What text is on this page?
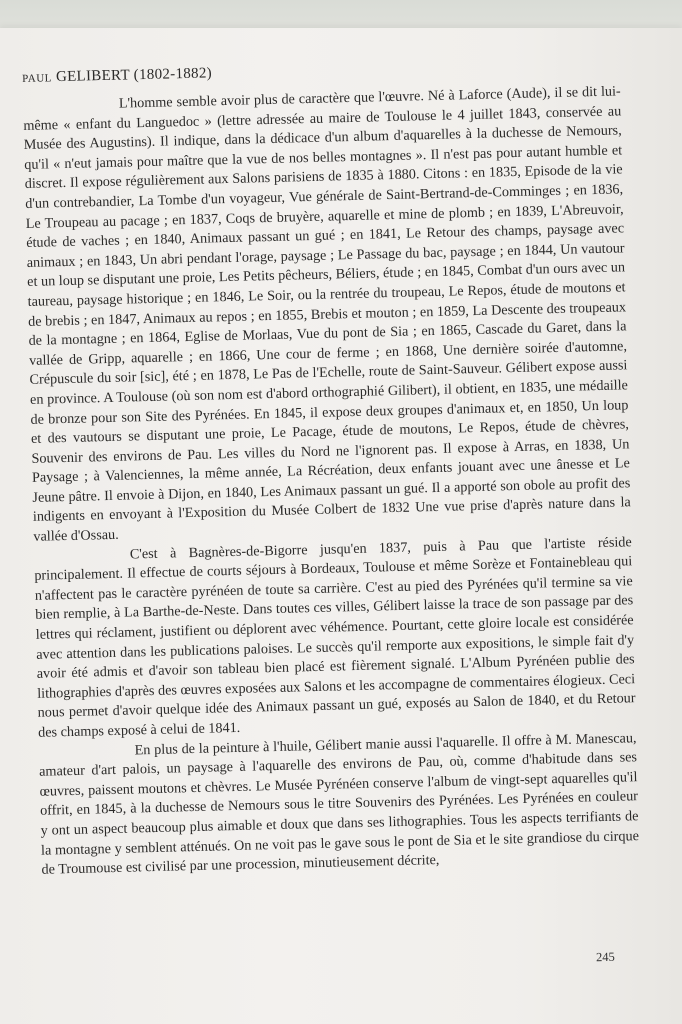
PAUL GELIBERT (1802-1882)

L'homme semble avoir plus de caractère que l'œuvre. Né à Laforce (Aude), il se dit lui-même « enfant du Languedoc » (lettre adressée au maire de Toulouse le 4 juillet 1843, conservée au Musée des Augustins). Il indique, dans la dédicace d'un album d'aquarelles à la duchesse de Nemours, qu'il « n'eut jamais pour maître que la vue de nos belles montagnes ». Il n'est pas pour autant humble et discret. Il expose régulièrement aux Salons parisiens de 1835 à 1880. Citons : en 1835, Episode de la vie d'un contrebandier, La Tombe d'un voyageur, Vue générale de Saint-Bertrand-de-Comminges ; en 1836, Le Troupeau au pacage ; en 1837, Coqs de bruyère, aquarelle et mine de plomb ; en 1839, L'Abreuvoir, étude de vaches ; en 1840, Animaux passant un gué ; en 1841, Le Retour des champs, paysage avec animaux ; en 1843, Un abri pendant l'orage, paysage ; Le Passage du bac, paysage ; en 1844, Un vautour et un loup se disputant une proie, Les Petits pêcheurs, Béliers, étude ; en 1845, Combat d'un ours avec un taureau, paysage historique ; en 1846, Le Soir, ou la rentrée du troupeau, Le Repos, étude de moutons et de brebis ; en 1847, Animaux au repos ; en 1855, Brebis et mouton ; en 1859, La Descente des troupeaux de la montagne ; en 1864, Eglise de Morlaas, Vue du pont de Sia ; en 1865, Cascade du Garet, dans la vallée de Gripp, aquarelle ; en 1866, Une cour de ferme ; en 1868, Une dernière soirée d'automne, Crépuscule du soir [sic], été ; en 1878, Le Pas de l'Echelle, route de Saint-Sauveur. Gélibert expose aussi en province. A Toulouse (où son nom est d'abord orthographié Gilibert), il obtient, en 1835, une médaille de bronze pour son Site des Pyrénées. En 1845, il expose deux groupes d'animaux et, en 1850, Un loup et des vautours se disputant une proie, Le Pacage, étude de moutons, Le Repos, étude de chèvres, Souvenir des environs de Pau. Les villes du Nord ne l'ignorent pas. Il expose à Arras, en 1838, Un Paysage ; à Valenciennes, la même année, La Récréation, deux enfants jouant avec une ânesse et Le Jeune pâtre. Il envoie à Dijon, en 1840, Les Animaux passant un gué. Il a apporté son obole au profit des indigents en envoyant à l'Exposition du Musée Colbert de 1832 Une vue prise d'après nature dans la vallée d'Ossau. C'est à Bagnères-de-Bigorre jusqu'en 1837, puis à Pau que l'artiste réside principalement. Il effectue de courts séjours à Bordeaux, Toulouse et même Sorèze et Fontainebleau qui n'affectent pas le caractère pyrénéen de toute sa carrière. C'est au pied des Pyrénées qu'il termine sa vie bien remplie, à La Barthe-de-Neste. Dans toutes ces villes, Gélibert laisse la trace de son passage par des lettres qui réclament, justifient ou déplorent avec véhémence. Pourtant, cette gloire locale est considérée avec attention dans les publications paloises. Le succès qu'il remporte aux expositions, le simple fait d'y avoir été admis et d'avoir son tableau bien placé est fièrement signalé. L'Album Pyrénéen publie des lithographies d'après des œuvres exposées aux Salons et les accompagne de commentaires élogieux. Ceci nous permet d'avoir quelque idée des Animaux passant un gué, exposés au Salon de 1840, et du Retour des champs exposé à celui de 1841.

En plus de la peinture à l'huile, Gélibert manie aussi l'aquarelle. Il offre à M. Manescau, amateur d'art palois, un paysage à l'aquarelle des environs de Pau, où, comme d'habitude dans ses œuvres, paissent moutons et chèvres. Le Musée Pyrénéen conserve l'album de vingt-sept aquarelles qu'il offrit, en 1845, à la duchesse de Nemours sous le titre Souvenirs des Pyrénées. Les Pyrénées en couleur y ont un aspect beaucoup plus aimable et doux que dans ses lithographies. Tous les aspects terrifiants de la montagne y semblent atténués. On ne voit pas le gave sous le pont de Sia et le site grandiose du cirque de Troumouse est civilisé par une procession, minutieusement décrite,

245
